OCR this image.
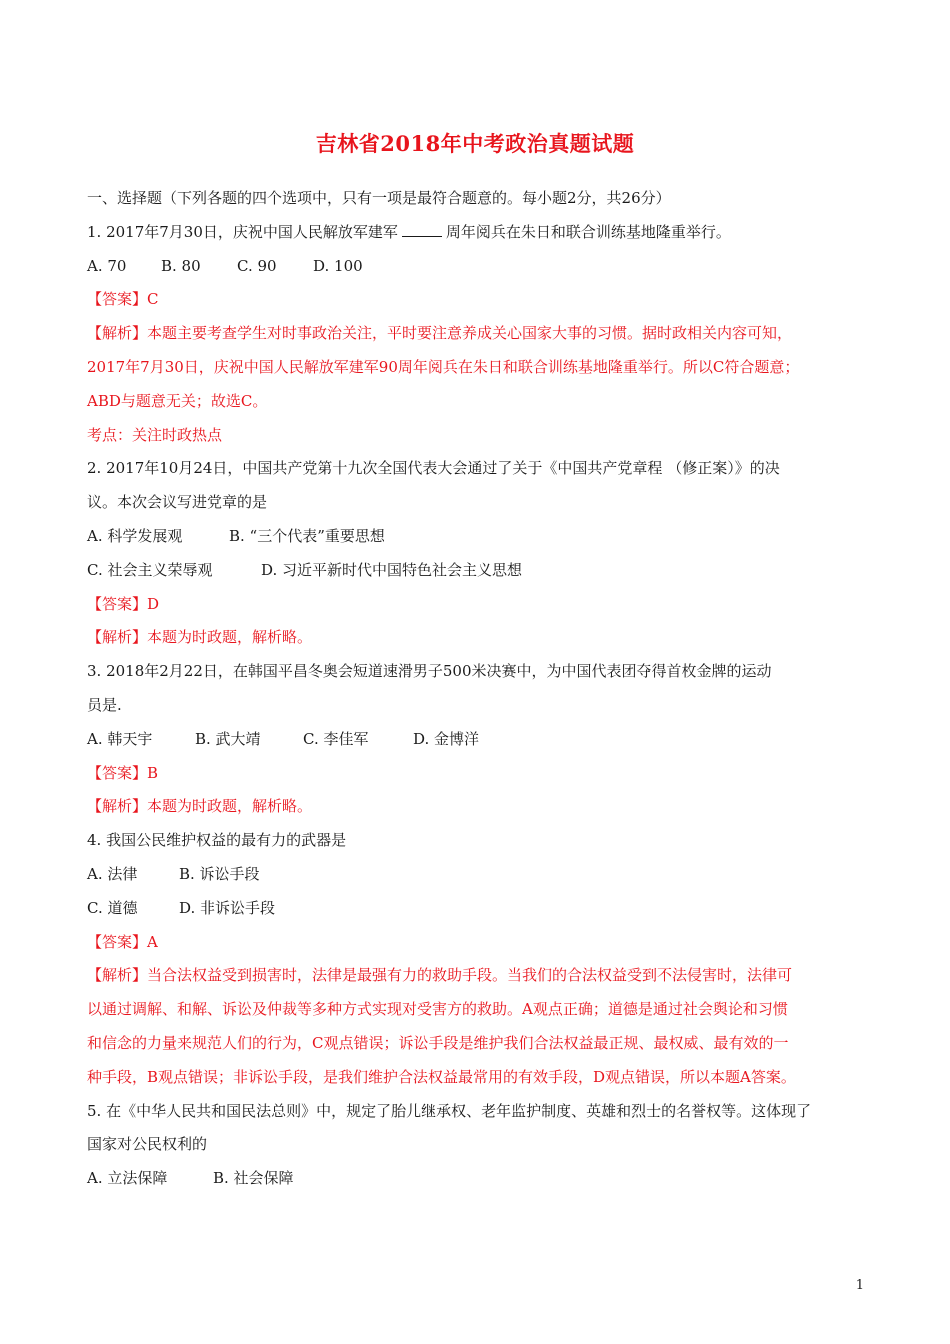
吉林省2018年中考政治真题试题
一、选择题（下列各题的四个选项中，只有一项是最符合题意的。每小题2分，共26分）
1. 2017年7月30日，庆祝中国人民解放军建军	周年阅兵在朱日和联合训练基地隆重举行。
A. 70 B. 80 C. 90 D. 100
【答案】C
【解析】本题主要考查学生对时事政治关注，平时要注意养成关心国家大事的习惯。据时政相关内容可知，
2017年7月30日，庆祝中国人民解放军建军90周年阅兵在朱日和联合训练基地隆重举行。所以C符合题意；
ABD与题意无关；故选C。
考点：关注时政热点
2. 2017年10月24日，中国共产党第十九次全国代表大会通过了关于《中国共产党章程 （修正案）》的决
议。本次会议写进党章的是
A. 科学发展观	B. “三个代表”重要思想
C. 社会主义荣辱观	D. 习近平新时代中国特色社会主义思想
【答案】D
【解析】本题为时政题，解析略。
3. 2018年2月22日，在韩国平昌冬奥会短道速滑男子500米决赛中，为中国代表团夺得首枚金牌的运动
员是.
A. 韩天宇	B. 武大靖	C. 李佳军	D. 金博洋
【答案】B
【解析】本题为时政题，解析略。
4. 我国公民维护权益的最有力的武器是
A. 法律	B. 诉讼手段
C. 道德	D. 非诉讼手段
【答案】A
【解析】当合法权益受到损害时，法律是最强有力的救助手段。当我们的合法权益受到不法侵害时，法律可
以通过调解、和解、诉讼及仲裁等多种方式实现对受害方的救助。A观点正确；道德是通过社会舆论和习惯
和信念的力量来规范人们的行为，C观点错误；诉讼手段是维护我们合法权益最正规、最权威、最有效的一
种手段，B观点错误；非诉讼手段，是我们维护合法权益最常用的有效手段，D观点错误，所以本题A答案。
5. 在《中华人民共和国民法总则》中，规定了胎儿继承权、老年监护制度、英雄和烈士的名誉权等。这体现了
国家对公民权利的
A. 立法保障	B. 社会保障
1
